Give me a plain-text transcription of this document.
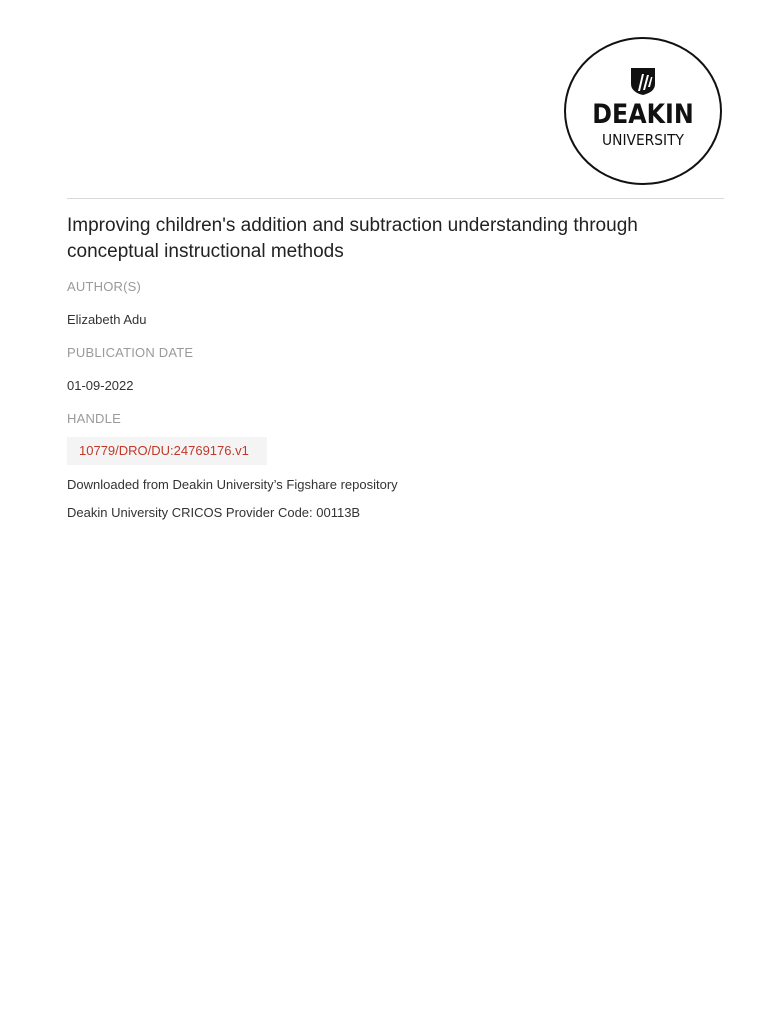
DEAKIN
UNIVERSITY
Improving children's addition and subtraction understanding through conceptual instructional methods
AUTHOR(S)
Elizabeth Adu
PUBLICATION DATE
01-09-2022
HANDLE
10779/DRO/DU:24769176.v1
Downloaded from Deakin University’s Figshare repository
Deakin University CRICOS Provider Code: 00113B
